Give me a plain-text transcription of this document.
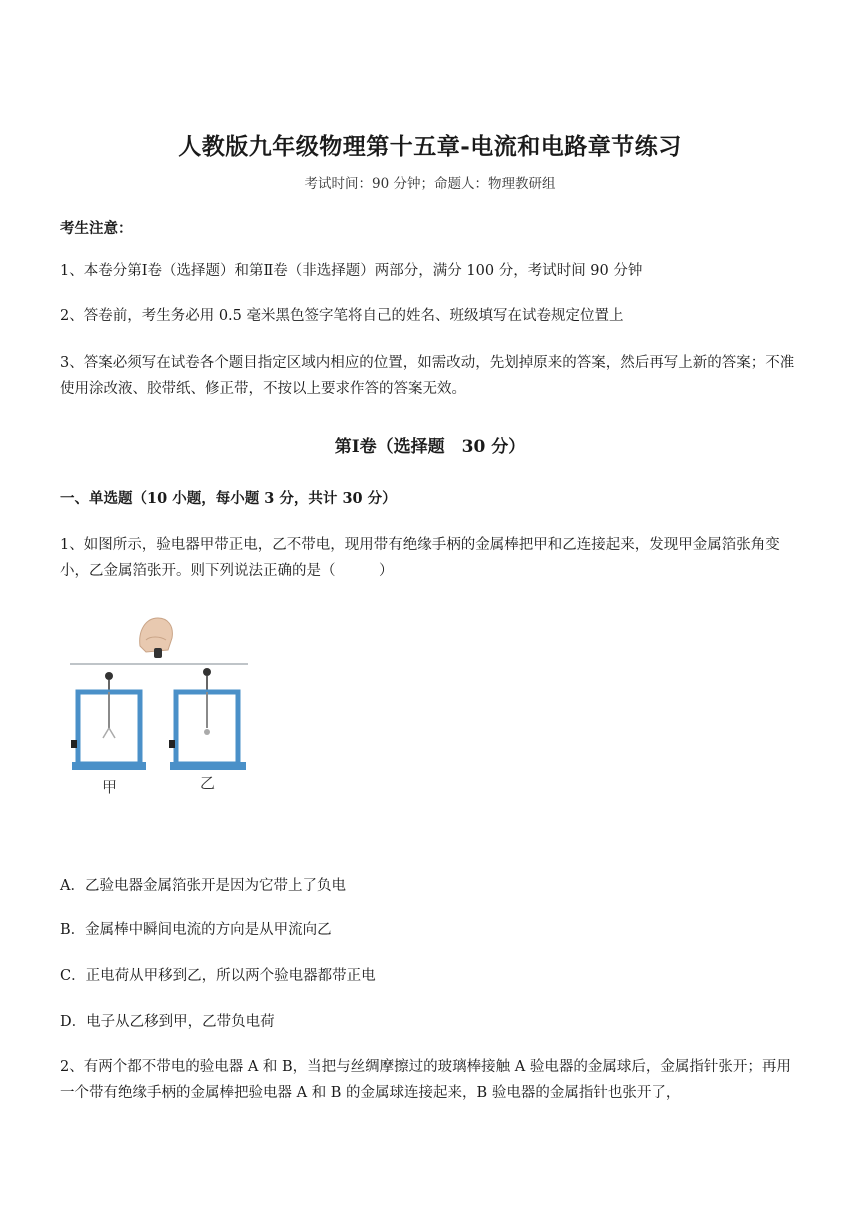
人教版九年级物理第十五章-电流和电路章节练习
考试时间：90 分钟；命题人：物理教研组
考生注意：
1、本卷分第Ⅰ卷（选择题）和第Ⅱ卷（非选择题）两部分，满分 100 分，考试时间 90 分钟
2、答卷前，考生务必用 0.5 毫米黑色签字笔将自己的姓名、班级填写在试卷规定位置上
3、答案必须写在试卷各个题目指定区域内相应的位置，如需改动，先划掉原来的答案，然后再写上新的答案；不准使用涂改液、胶带纸、修正带，不按以上要求作答的答案无效。
第Ⅰ卷（选择题　30 分）
一、单选题（10 小题，每小题 3 分，共计 30 分）
1、如图所示，验电器甲带正电，乙不带电，现用带有绝缘手柄的金属棒把甲和乙连接起来，发现甲金属箔张角变小，乙金属箔张开。则下列说法正确的是（　　　）
甲	乙
A．乙验电器金属箔张开是因为它带上了负电
B．金属棒中瞬间电流的方向是从甲流向乙
C．正电荷从甲移到乙，所以两个验电器都带正电
D．电子从乙移到甲，乙带负电荷
2、有两个都不带电的验电器 A 和 B，当把与丝绸摩擦过的玻璃棒接触 A 验电器的金属球后，金属指针张开；再用一个带有绝缘手柄的金属棒把验电器 A 和 B 的金属球连接起来，B 验电器的金属指针也张开了，
